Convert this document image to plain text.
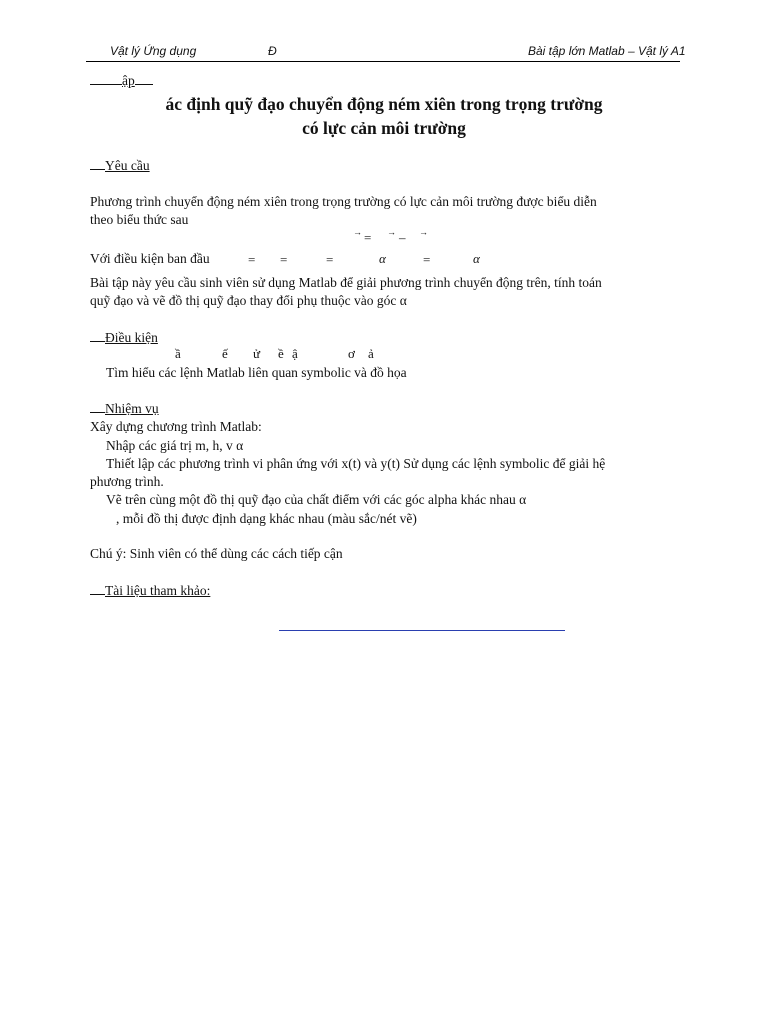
Vật lý Ứng dụng	Đ	Bài tập lớn Matlab – Vật lý A1
ập
ác định quỹ đạo chuyển động ném xiên trong trọng trường
có lực cản môi trường
Yêu cầu
Phương trình chuyển động ném xiên trong trọng trường có lực cản môi trường được biểu diễn
theo biểu thức sau
→ = → – →
Với điều kiện ban đầu	= =	=	α	=	α
Bài tập này yêu cầu sinh viên sử dụng Matlab để giải phương trình chuyển động trên, tính toán
quỹ đạo và vẽ đồ thị quỹ đạo thay đổi phụ thuộc vào góc α
Điều kiện
ầ	ế ử ề ậ	ơ ả
Tìm hiểu các lệnh Matlab liên quan symbolic và đồ họa
Nhiệm vụ
Xây dựng chương trình Matlab:
Nhập các giá trị m, h, v α
Thiết lập các phương trình vi phân ứng với x(t) và y(t) Sử dụng các lệnh symbolic để giải hệ
phương trình.
Vẽ trên cùng một đồ thị quỹ đạo của chất điểm với các góc alpha khác nhau α
, mỗi đồ thị được định dạng khác nhau (màu sắc/nét vẽ)
Chú ý: Sinh viên có thể dùng các cách tiếp cận
Tài liệu tham khảo:
